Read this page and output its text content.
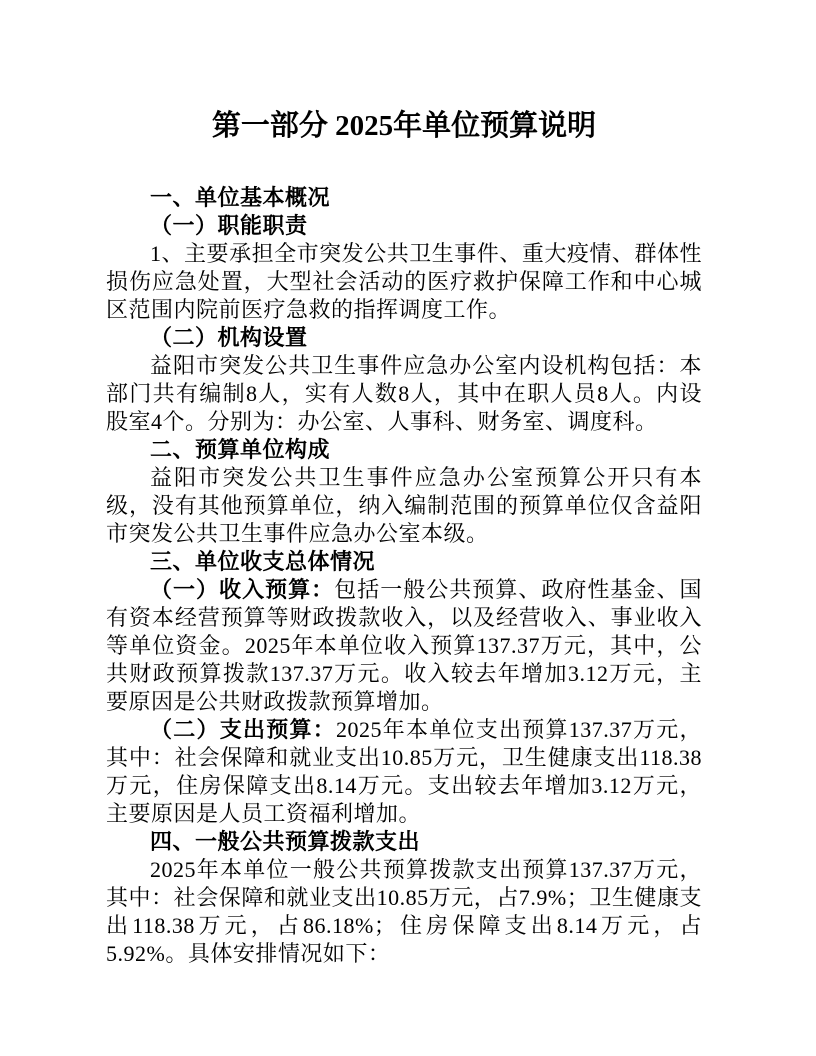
第一部分 2025年单位预算说明

一、单位基本概况

（一）职能职责

1、主要承担全市突发公共卫生事件、重大疫情、群体性损伤应急处置，大型社会活动的医疗救护保障工作和中心城区范围内院前医疗急救的指挥调度工作。

（二）机构设置

益阳市突发公共卫生事件应急办公室内设机构包括：本部门共有编制8人，实有人数8人，其中在职人员8人。内设股室4个。分别为：办公室、人事科、财务室、调度科。

二、预算单位构成

益阳市突发公共卫生事件应急办公室预算公开只有本级，没有其他预算单位，纳入编制范围的预算单位仅含益阳市突发公共卫生事件应急办公室本级。

三、单位收支总体情况

（一）收入预算：包括一般公共预算、政府性基金、国有资本经营预算等财政拨款收入，以及经营收入、事业收入等单位资金。2025年本单位收入预算137.37万元，其中，公共财政预算拨款137.37万元。收入较去年增加3.12万元，主要原因是公共财政拨款预算增加。

（二）支出预算：2025年本单位支出预算137.37万元，其中：社会保障和就业支出10.85万元，卫生健康支出118.38万元，住房保障支出8.14万元。支出较去年增加3.12万元，主要原因是人员工资福利增加。

四、一般公共预算拨款支出

2025年本单位一般公共预算拨款支出预算137.37万元，其中：社会保障和就业支出10.85万元，占7.9%；卫生健康支出118.38万元，占86.18%；住房保障支出8.14万元，占5.92%。具体安排情况如下：
